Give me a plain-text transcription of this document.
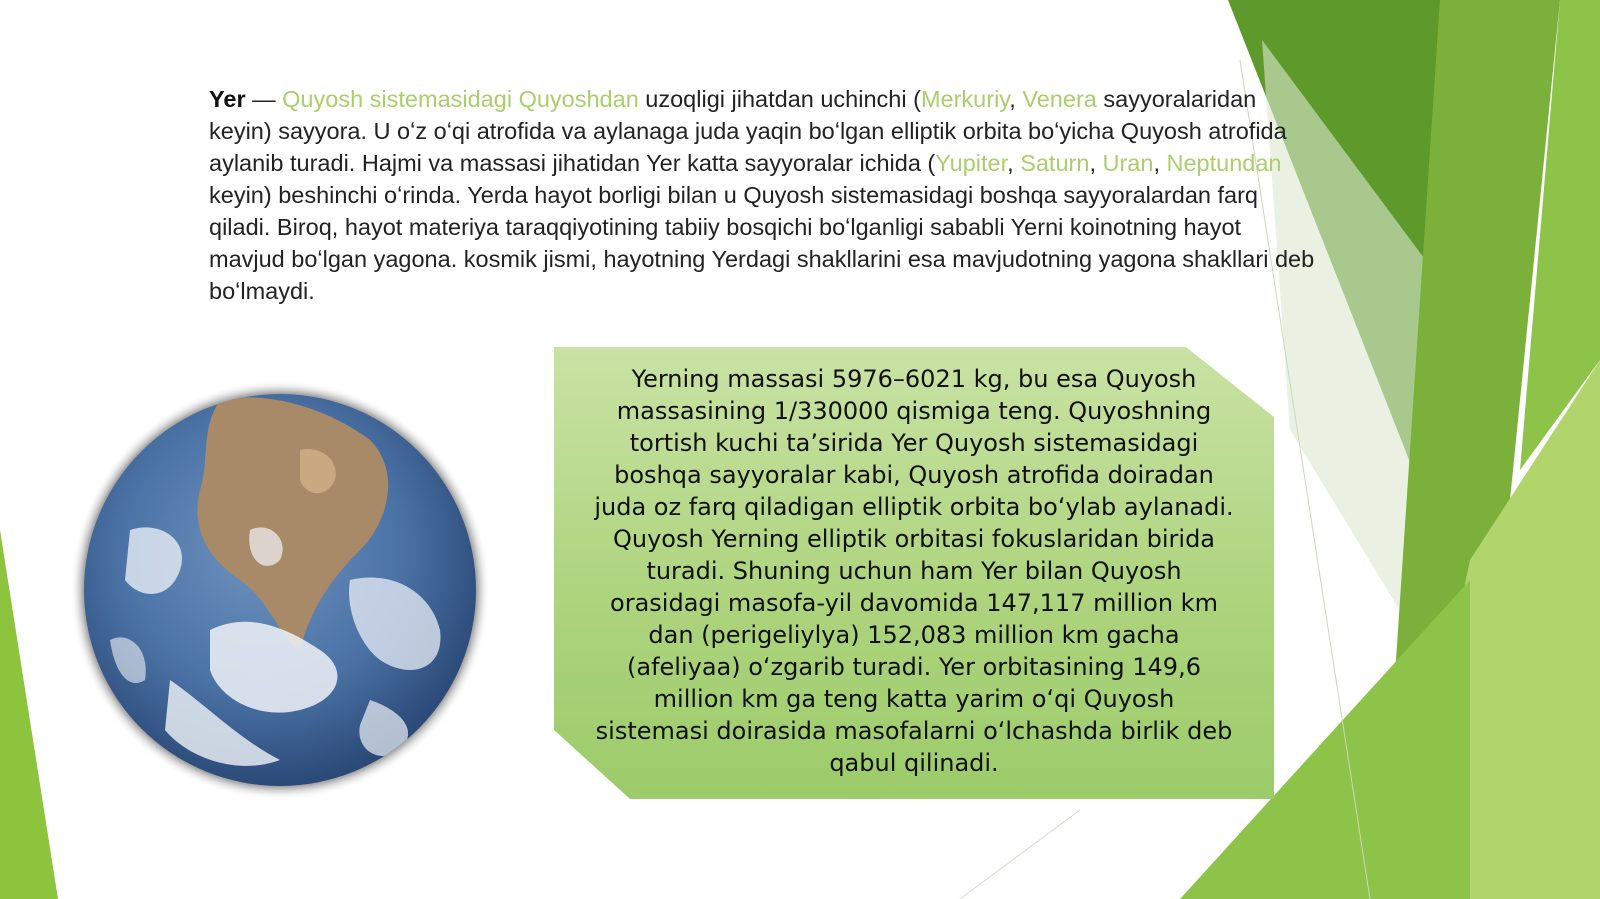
Yer — Quyosh sistemasidagi Quyoshdan uzoqligi jihatdan uchinchi (Merkuriy, Venera sayyoralaridan keyin) sayyora. U oʻz oʻqi atrofida va aylanaga juda yaqin boʻlgan elliptik orbita boʻyicha Quyosh atrofida aylanib turadi. Hajmi va massasi jihatidan Yer katta sayyoralar ichida (Yupiter, Saturn, Uran, Neptundan keyin) beshinchi oʻrinda. Yerda hayot borligi bilan u Quyosh sistemasidagi boshqa sayyoralardan farq qiladi. Biroq, hayot materiya taraqqiyotining tabiiy bosqichi boʻlganligi sababli Yerni koinotning hayot mavjud boʻlgan yagona. kosmik jismi, hayotning Yerdagi shakllarini esa mavjudotning yagona shakllari deb boʻlmaydi.
Yerning massasi 5976–6021 kg, bu esa Quyosh massasining 1/330000 qismiga teng. Quyoshning tortish kuchi taʼsirida Yer Quyosh sistemasidagi boshqa sayyoralar kabi, Quyosh atrofida doiradan juda oz farq qiladigan elliptik orbita boʻylab aylanadi. Quyosh Yerning elliptik orbitasi fokuslaridan birida turadi. Shuning uchun ham Yer bilan Quyosh orasidagi masofa-yil davomida 147,117 million km dan (perigeliylya) 152,083 million km gacha (afeliyaa) oʻzgarib turadi. Yer orbitasining 149,6 million km ga teng katta yarim oʻqi Quyosh sistemasi doirasida masofalarni oʻlchashda birlik deb qabul qilinadi.
